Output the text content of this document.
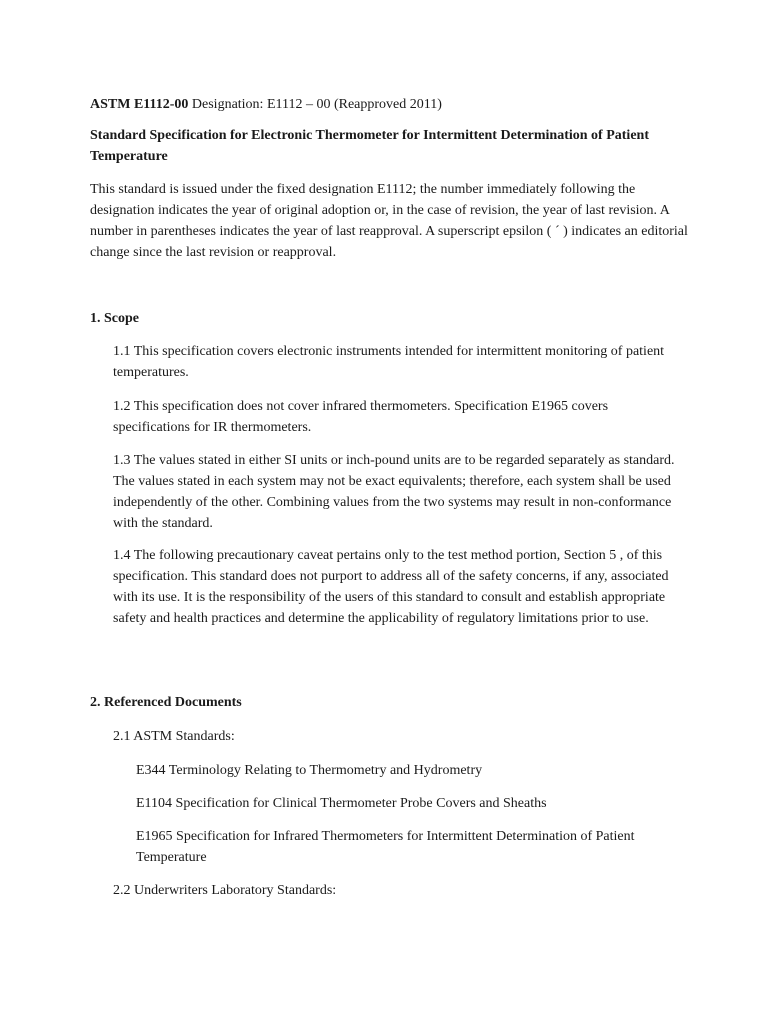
ASTM E1112-00 Designation: E1112 – 00 (Reapproved 2011)

Standard Specification for Electronic Thermometer for Intermittent Determination of Patient Temperature

This standard is issued under the fixed designation E1112; the number immediately following the designation indicates the year of original adoption or, in the case of revision, the year of last revision. A number in parentheses indicates the year of last reapproval. A superscript epsilon ( ´ ) indicates an editorial change since the last revision or reapproval.

1. Scope

1.1 This specification covers electronic instruments intended for intermittent monitoring of patient temperatures.

1.2 This specification does not cover infrared thermometers. Specification E1965 covers specifications for IR thermometers.

1.3 The values stated in either SI units or inch-pound units are to be regarded separately as standard. The values stated in each system may not be exact equivalents; therefore, each system shall be used independently of the other. Combining values from the two systems may result in non-conformance with the standard.

1.4 The following precautionary caveat pertains only to the test method portion, Section 5 , of this specification. This standard does not purport to address all of the safety concerns, if any, associated with its use. It is the responsibility of the users of this standard to consult and establish appropriate safety and health practices and determine the applicability of regulatory limitations prior to use.

2. Referenced Documents

2.1 ASTM Standards:

E344 Terminology Relating to Thermometry and Hydrometry

E1104 Specification for Clinical Thermometer Probe Covers and Sheaths

E1965 Specification for Infrared Thermometers for Intermittent Determination of Patient Temperature

2.2 Underwriters Laboratory Standards:
